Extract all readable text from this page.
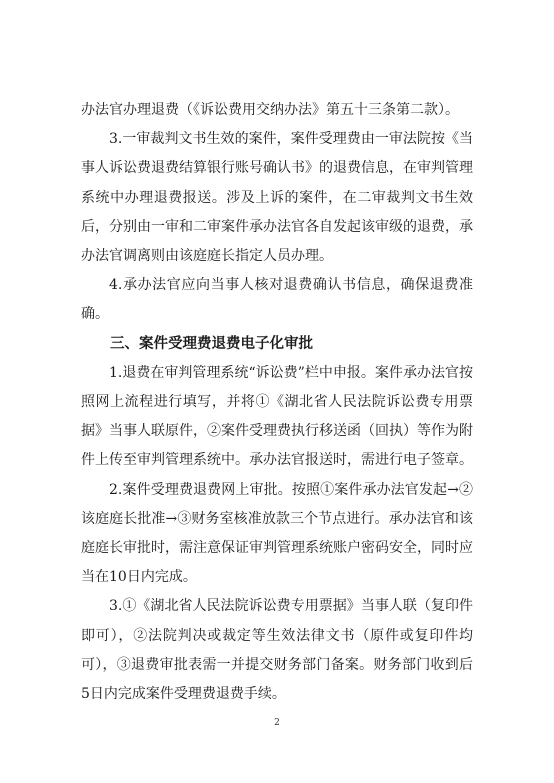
办法官办理退费（《诉讼费用交纳办法》第五十三条第二款）。

3.一审裁判文书生效的案件，案件受理费由一审法院按《当事人诉讼费退费结算银行账号确认书》的退费信息，在审判管理系统中办理退费报送。涉及上诉的案件，在二审裁判文书生效后，分别由一审和二审案件承办法官各自发起该审级的退费，承办法官调离则由该庭庭长指定人员办理。

4.承办法官应向当事人核对退费确认书信息，确保退费准确。

三、案件受理费退费电子化审批

1.退费在审判管理系统“诉讼费”栏中申报。案件承办法官按照网上流程进行填写，并将①《湖北省人民法院诉讼费专用票据》当事人联原件，②案件受理费执行移送函（回执）等作为附件上传至审判管理系统中。承办法官报送时，需进行电子签章。

2.案件受理费退费网上审批。按照①案件承办法官发起→②该庭庭长批准→③财务室核准放款三个节点进行。承办法官和该庭庭长审批时，需注意保证审判管理系统账户密码安全，同时应当在10日内完成。

3.①《湖北省人民法院诉讼费专用票据》当事人联（复印件即可），②法院判决或裁定等生效法律文书（原件或复印件均可），③退费审批表需一并提交财务部门备案。财务部门收到后5日内完成案件受理费退费手续。

2
